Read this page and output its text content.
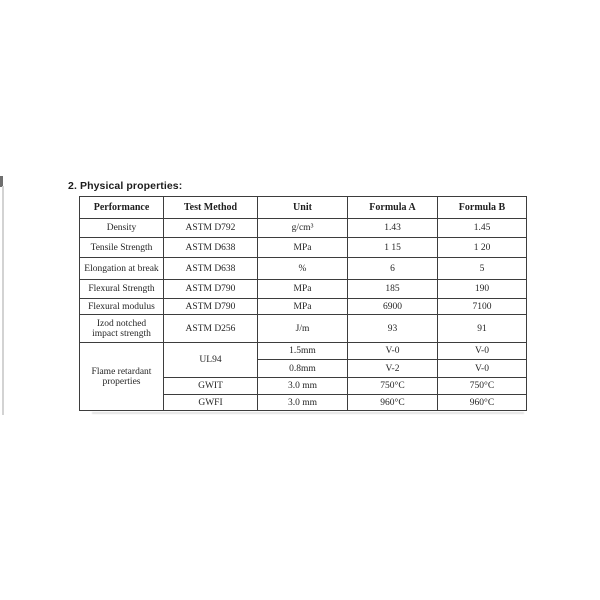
2. Physical properties:
Performance	Test Method	Unit	Formula A	Formula B
Density	ASTM D792	g/cm³	1.43	1.45
Tensile Strength	ASTM D638	MPa	1 15	1 20
Elongation at break	ASTM D638	%	6	5
Flexural Strength	ASTM D790	MPa	185	190
Flexural modulus	ASTM D790	MPa	6900	7100
Izod notched impact strength	ASTM D256	J/m	93	91
Flame retardant properties	UL94	1.5mm	V-0	V-0
		0.8mm	V-2	V-0
	GWIT	3.0 mm	750°C	750°C
	GWFI	3.0 mm	960°C	960°C
